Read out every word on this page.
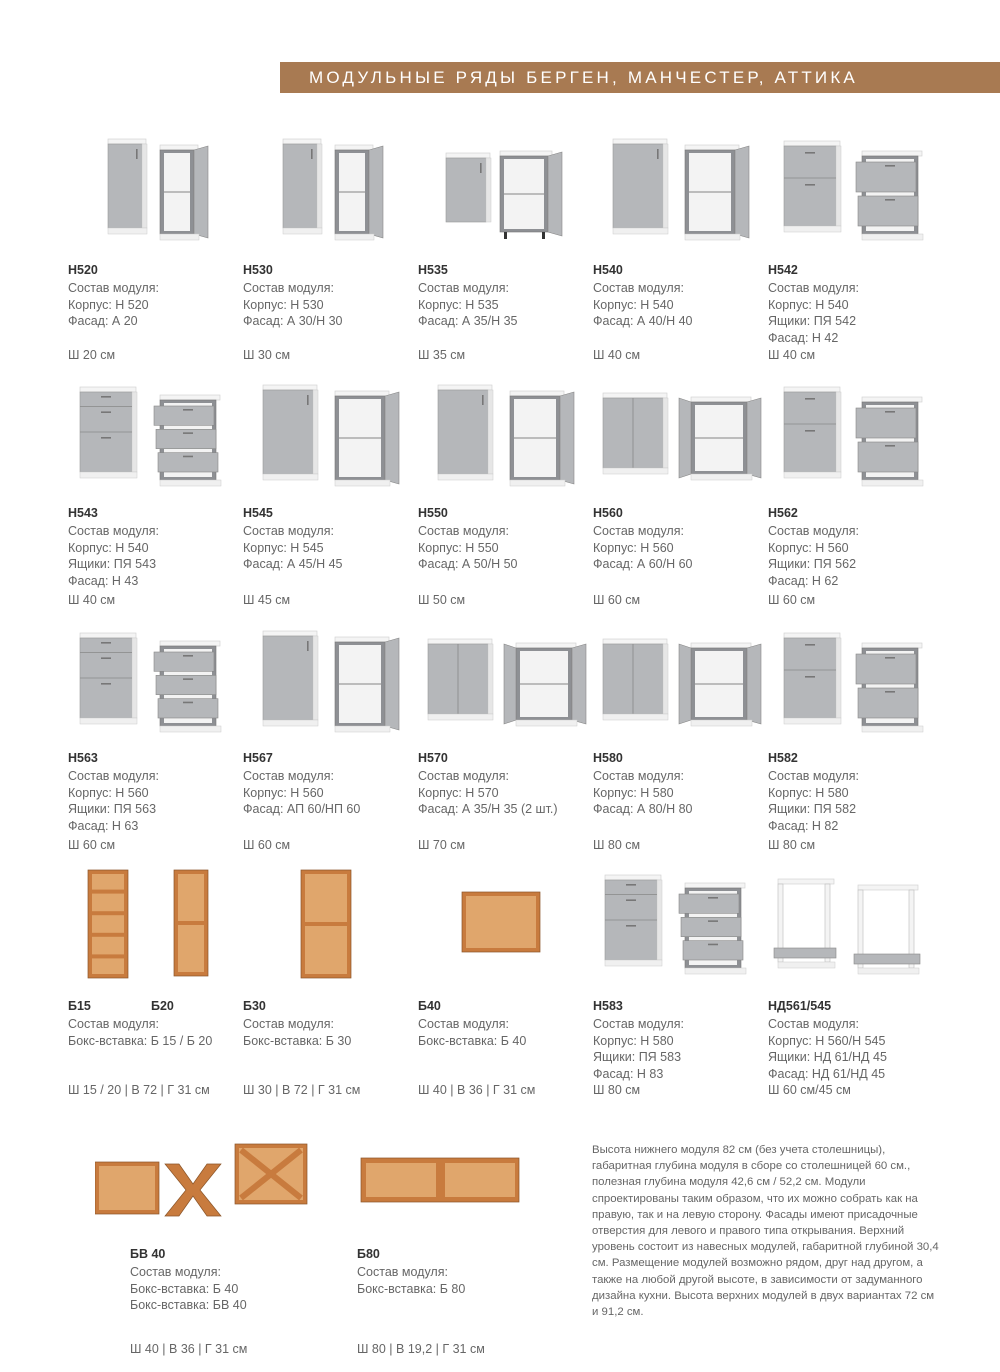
МОДУЛЬНЫЕ РЯДЫ БЕРГЕН, МАНЧЕСТЕР, АТТИКА
Н520
Состав модуля:
Корпус: Н 520
Фасад: А 20
Ш 20 см
Н530
Состав модуля:
Корпус: Н 530
Фасад: А 30/Н 30
Ш 30 см
Н535
Состав модуля:
Корпус: Н 535
Фасад: А 35/Н 35
Ш 35 см
Н540
Состав модуля:
Корпус: Н 540
Фасад: А 40/Н 40
Ш 40 см
Н542
Состав модуля:
Корпус: Н 540
Ящики: ПЯ 542
Фасад: Н 42
Ш 40 см
Н543
Состав модуля:
Корпус: Н 540
Ящики: ПЯ 543
Фасад: Н 43
Ш 40 см
Н545
Состав модуля:
Корпус: Н 545
Фасад: А 45/Н 45
Ш 45 см
Н550
Состав модуля:
Корпус: Н 550
Фасад: А 50/Н 50
Ш 50 см
Н560
Состав модуля:
Корпус: Н 560
Фасад: А 60/Н 60
Ш 60 см
Н562
Состав модуля:
Корпус: Н 560
Ящики: ПЯ 562
Фасад: Н 62
Ш 60 см
Н563
Состав модуля:
Корпус: Н 560
Ящики: ПЯ 563
Фасад: Н 63
Ш 60 см
Н567
Состав модуля:
Корпус: Н 560
Фасад: АП 60/НП 60
Ш 60 см
Н570
Состав модуля:
Корпус: Н 570
Фасад: А 35/Н 35 (2 шт.)
Ш 70 см
Н580
Состав модуля:
Корпус: Н 580
Фасад: А 80/Н 80
Ш 80 см
Н582
Состав модуля:
Корпус: Н 580
Ящики: ПЯ 582
Фасад: Н 82
Ш 80 см
Б15	Б20
Состав модуля:
Бокс-вставка: Б 15 / Б 20
Ш 15 / 20 | В 72 | Г 31 см
Б30
Состав модуля:
Бокс-вставка: Б 30
Ш 30 | В 72 | Г 31 см
Б40
Состав модуля:
Бокс-вставка: Б 40
Ш 40 | В 36 | Г 31 см
Н583
Состав модуля:
Корпус: Н 580
Ящики: ПЯ 583
Фасад: Н 83
Ш 80 см
НД561/545
Состав модуля:
Корпус: Н 560/Н 545
Ящики: НД 61/НД 45
Фасад: НД 61/НД 45
Ш 60 см/45 см
БВ 40
Состав модуля:
Бокс-вставка: Б 40
Бокс-вставка: БВ 40
Ш 40 | В 36 | Г 31 см
Б80
Состав модуля:
Бокс-вставка: Б 80
Ш 80 | В 19,2 | Г 31 см
Высота нижнего модуля 82 см (без учета столешницы), габаритная глубина модуля в сборе со столешницей 60 см., полезная глубина модуля 42,6 см / 52,2 см. Модули спроектированы таким образом, что их можно собрать как на правую, так и на левую сторону. Фасады имеют присадочные отверстия для левого и правого типа открывания. Верхний уровень состоит из навесных модулей, габаритной глубиной 30,4 см. Размещение модулей возможно рядом, друг над другом, а также на любой другой высоте, в зависимости от задуманного дизайна кухни. Высота верхних модулей в двух вариантах 72 см и 91,2 см.
